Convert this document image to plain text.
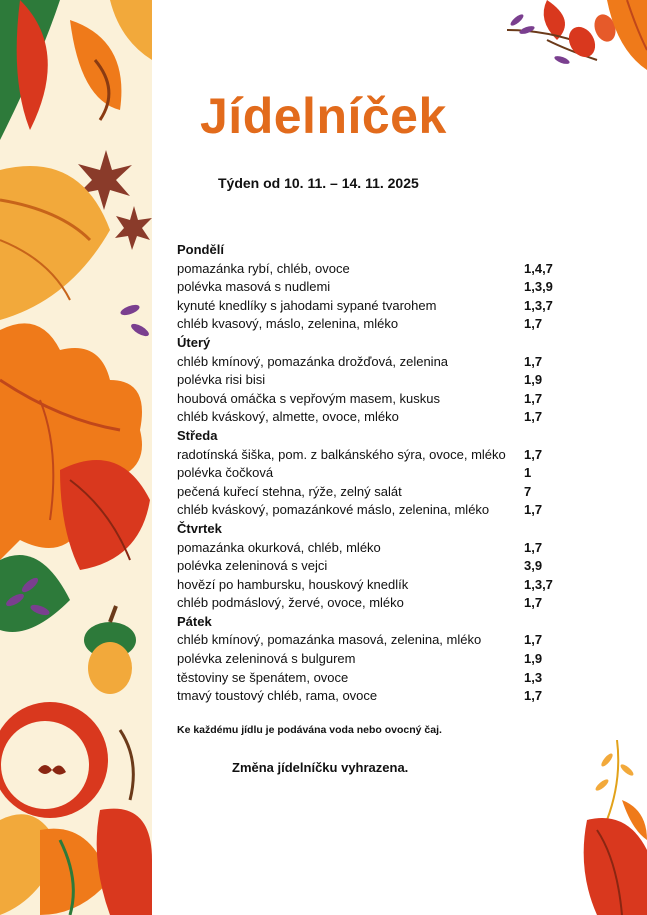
Jídelníček
Týden od 10. 11. – 14. 11. 2025
Pondělí
pomazánka rybí, chléb, ovoce	1,4,7
polévka masová s nudlemi	1,3,9
kynuté knedlíky s jahodami sypané tvarohem	1,3,7
chléb kvasový, máslo, zelenina, mléko	1,7
Úterý
chléb kmínový, pomazánka drožďová, zelenina	1,7
polévka risi bisi	1,9
houbová omáčka s vepřovým masem, kuskus	1,7
chléb kváskový, almette, ovoce, mléko	1,7
Středa
radotínská šiška, pom. z balkánského sýra, ovoce, mléko 1,7
polévka čočková	1
pečená kuřecí stehna, rýže, zelný salát	7
chléb kváskový, pomazánkové máslo, zelenina, mléko	1,7
Čtvrtek
pomazánka okurková, chléb, mléko	1,7
polévka zeleninová s vejci	3,9
hovězí po hambursku, houskový knedlík	1,3,7
chléb podmáslový, žervé, ovoce, mléko	1,7
Pátek
chléb kmínový, pomazánka masová, zelenina, mléko	1,7
polévka zeleninová s bulgurem	1,9
těstoviny se špenátem, ovoce	1,3
tmavý toustový chléb, rama, ovoce	1,7
Ke každému jídlu je podávána voda nebo ovocný čaj.
Změna jídelníčku vyhrazena.
